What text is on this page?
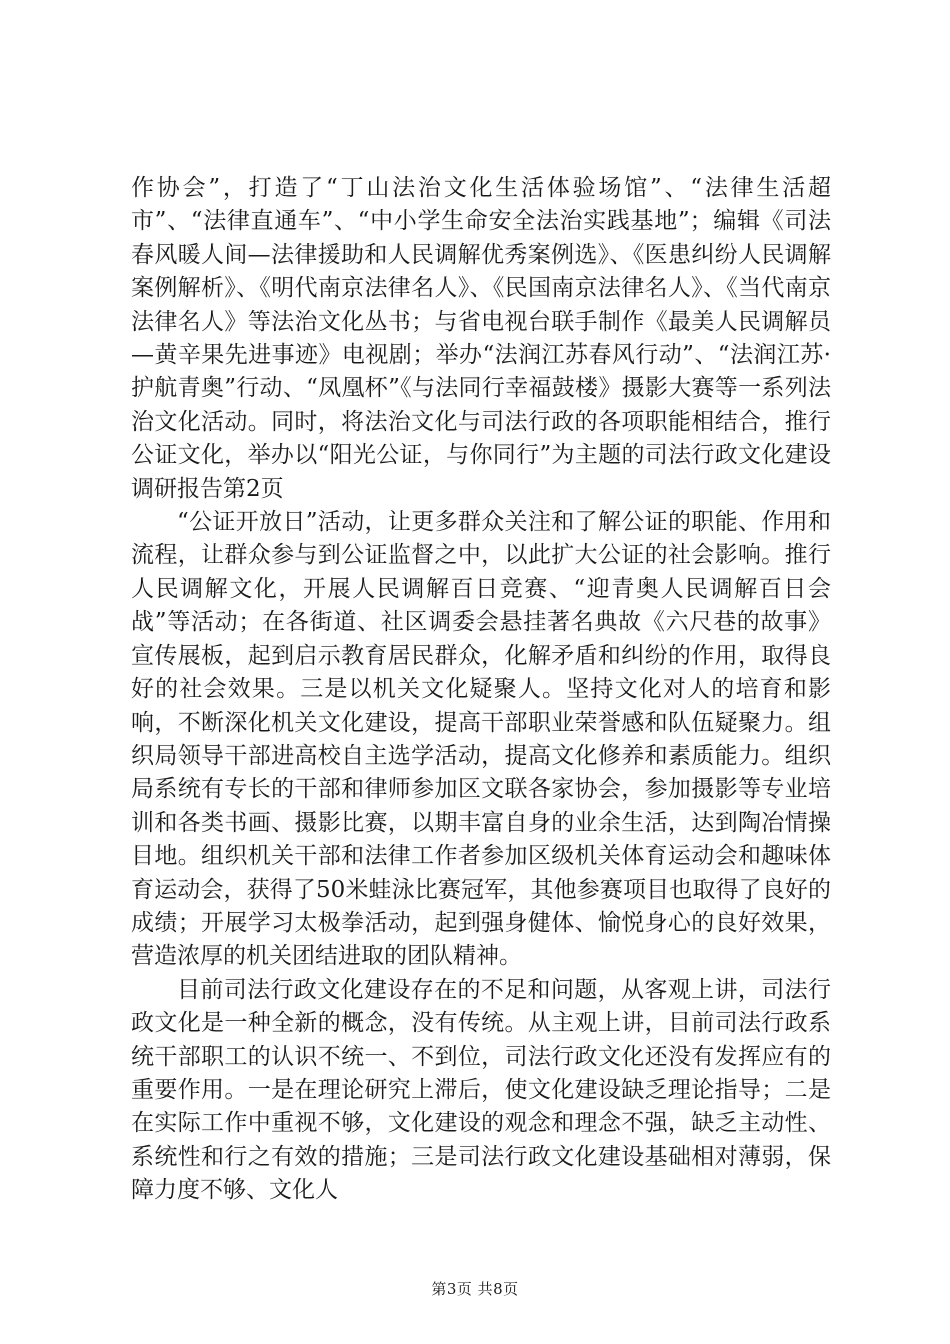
作协会”，打造了“丁山法治文化生活体验场馆”、“法律生活超市”、“法律直通车”、“中小学生命安全法治实践基地”；编辑《司法春风暖人间—法律援助和人民调解优秀案例选》、《医患纠纷人民调解案例解析》、《明代南京法律名人》、《民国南京法律名人》、《当代南京法律名人》等法治文化丛书；与省电视台联手制作《最美人民调解员—黄辛果先进事迹》电视剧；举办“法润江苏春风行动”、“法润江苏·护航青奥”行动、“凤凰杯”《与法同行幸福鼓楼》摄影大赛等一系列法治文化活动。同时，将法治文化与司法行政的各项职能相结合，推行公证文化，举办以“阳光公证，与你同行”为主题的司法行政文化建设调研报告第2页

“公证开放日”活动，让更多群众关注和了解公证的职能、作用和流程，让群众参与到公证监督之中，以此扩大公证的社会影响。推行人民调解文化，开展人民调解百日竞赛、“迎青奥人民调解百日会战”等活动；在各街道、社区调委会悬挂著名典故《六尺巷的故事》宣传展板，起到启示教育居民群众，化解矛盾和纠纷的作用，取得良好的社会效果。三是以机关文化疑聚人。坚持文化对人的培育和影响，不断深化机关文化建设，提高干部职业荣誉感和队伍疑聚力。组织局领导干部进高校自主选学活动，提高文化修养和素质能力。组织局系统有专长的干部和律师参加区文联各家协会，参加摄影等专业培训和各类书画、摄影比赛，以期丰富自身的业余生活，达到陶冶情操目地。组织机关干部和法律工作者参加区级机关体育运动会和趣味体育运动会，获得了50米蛙泳比赛冠军，其他参赛项目也取得了良好的成绩；开展学习太极拳活动，起到强身健体、愉悦身心的良好效果，营造浓厚的机关团结进取的团队精神。

目前司法行政文化建设存在的不足和问题，从客观上讲，司法行政文化是一种全新的概念，没有传统。从主观上讲，目前司法行政系统干部职工的认识不统一、不到位，司法行政文化还没有发挥应有的重要作用。一是在理论研究上滞后，使文化建设缺乏理论指导；二是在实际工作中重视不够，文化建设的观念和理念不强，缺乏主动性、系统性和行之有效的措施；三是司法行政文化建设基础相对薄弱，保障力度不够、文化人

第3页 共8页
